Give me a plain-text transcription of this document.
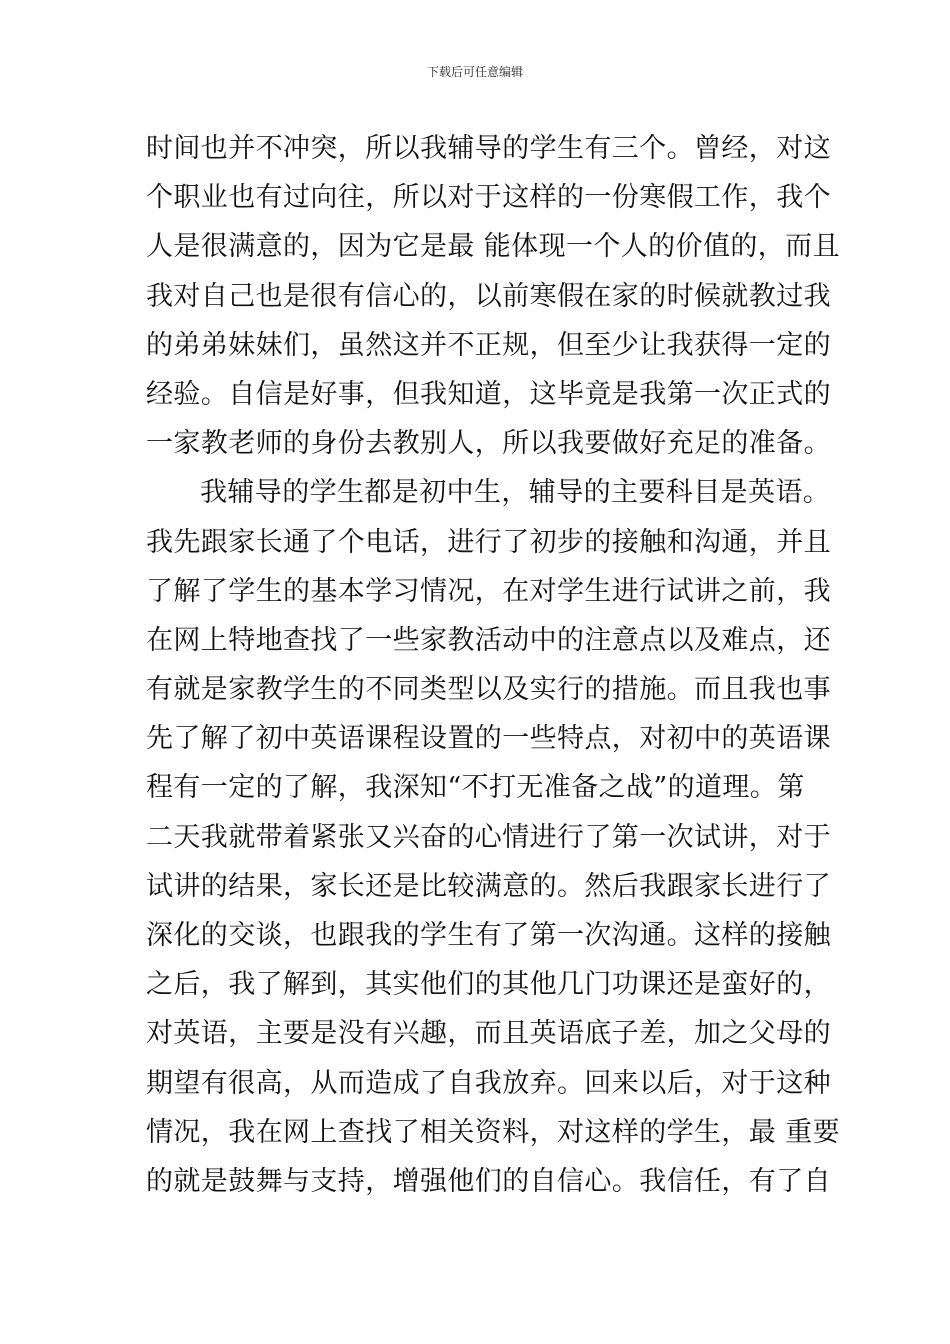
下载后可任意编辑
时间也并不冲突，所以我辅导的学生有三个。曾经，对这
个职业也有过向往，所以对于这样的一份寒假工作，我个
人是很满意的，因为它是最 能体现一个人的价值的，而且
我对自己也是很有信心的，以前寒假在家的时候就教过我
的弟弟妹妹们，虽然这并不正规，但至少让我获得一定的
经验。自信是好事，但我知道，这毕竟是我第一次正式的
一家教老师的身份去教别人，所以我要做好充足的准备。
我辅导的学生都是初中生，辅导的主要科目是英语。
我先跟家长通了个电话，进行了初步的接触和沟通，并且
了解了学生的基本学习情况，在对学生进行试讲之前，我
在网上特地查找了一些家教活动中的注意点以及难点，还
有就是家教学生的不同类型以及实行的措施。而且我也事
先了解了初中英语课程设置的一些特点，对初中的英语课
程有一定的了解，我深知“不打无准备之战”的道理。第
二天我就带着紧张又兴奋的心情进行了第一次试讲，对于
试讲的结果，家长还是比较满意的。然后我跟家长进行了
深化的交谈，也跟我的学生有了第一次沟通。这样的接触
之后，我了解到，其实他们的其他几门功课还是蛮好的，
对英语，主要是没有兴趣，而且英语底子差，加之父母的
期望有很高，从而造成了自我放弃。回来以后，对于这种
情况，我在网上查找了相关资料，对这样的学生，最 重要
的就是鼓舞与支持，增强他们的自信心。我信任，有了自
